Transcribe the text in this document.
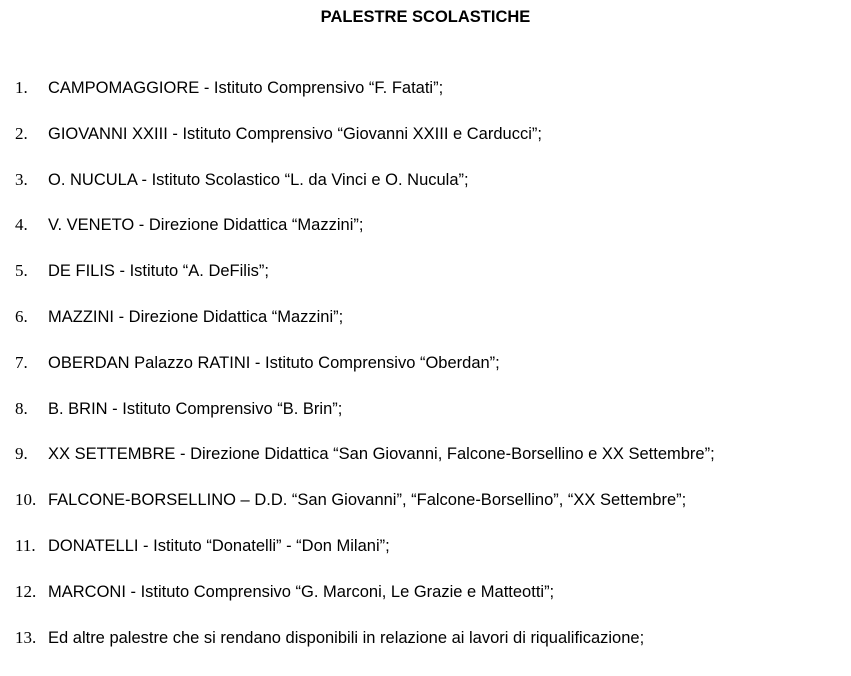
PALESTRE SCOLASTICHE
1. CAMPOMAGGIORE - Istituto Comprensivo “F. Fatati”;
2. GIOVANNI XXIII - Istituto Comprensivo “Giovanni XXIII e Carducci”;
3. O. NUCULA - Istituto Scolastico “L. da Vinci e O. Nucula”;
4. V. VENETO - Direzione Didattica “Mazzini”;
5. DE FILIS - Istituto “A. DeFilis”;
6. MAZZINI - Direzione Didattica “Mazzini”;
7. OBERDAN Palazzo RATINI - Istituto Comprensivo “Oberdan”;
8. B. BRIN - Istituto Comprensivo “B. Brin”;
9. XX SETTEMBRE - Direzione Didattica “San Giovanni, Falcone-Borsellino e XX Settembre”;
10. FALCONE-BORSELLINO – D.D. “San Giovanni”, “Falcone-Borsellino”, “XX Settembre”;
11. DONATELLI - Istituto “Donatelli” - “Don Milani”;
12. MARCONI - Istituto Comprensivo “G. Marconi, Le Grazie e Matteotti”;
13. Ed altre palestre che si rendano disponibili in relazione ai lavori di riqualificazione;
